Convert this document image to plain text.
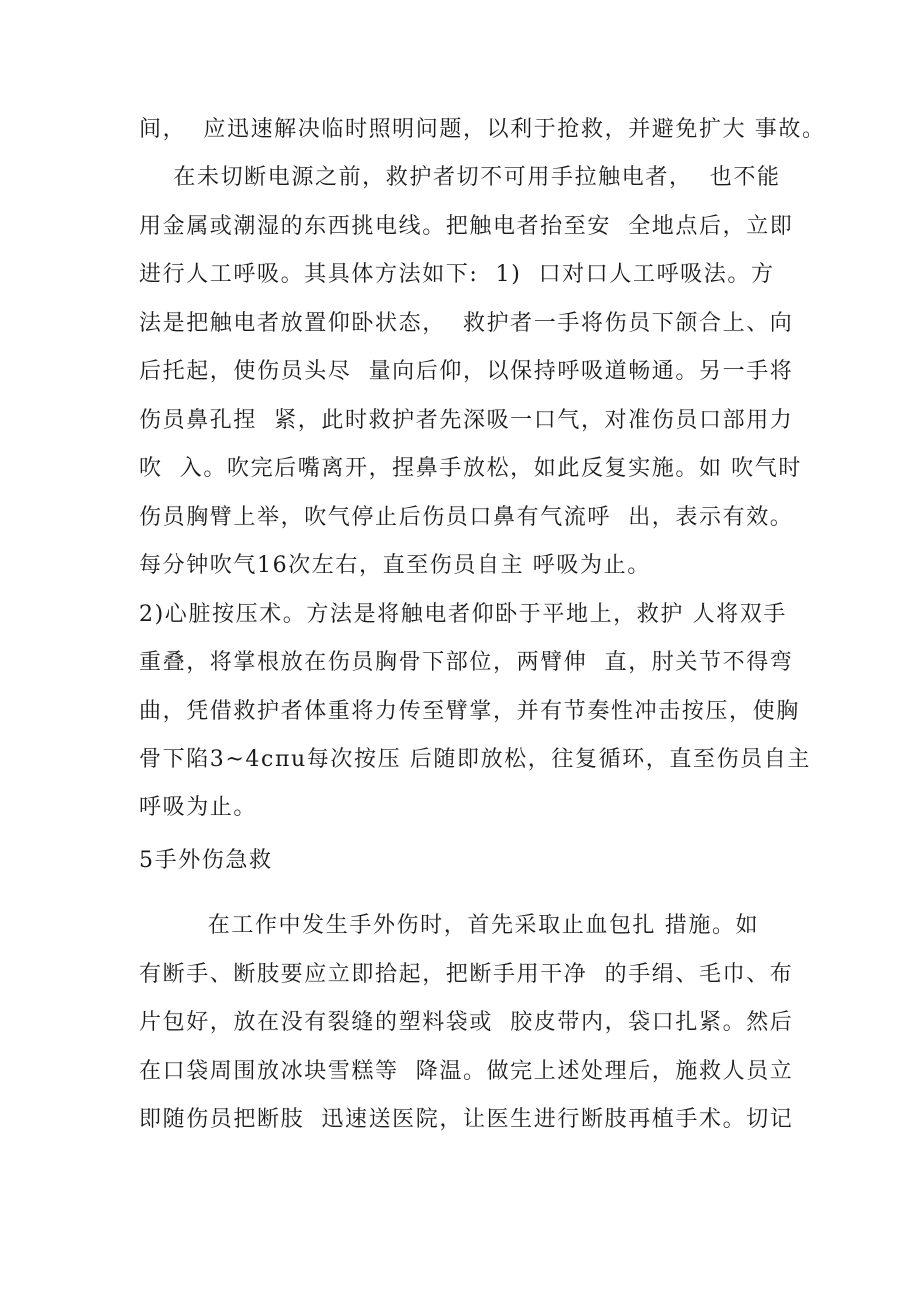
间，  应迅速解决临时照明问题，以利于抢救，并避免扩大 事故。
在未切断电源之前，救护者切不可用手拉触电者，  也不能
用金属或潮湿的东西挑电线。把触电者抬至安  全地点后，立即
进行人工呼吸。其具体方法如下:  1)  口对口人工呼吸法。方
法是把触电者放置仰卧状态，  救护者一手将伤员下颌合上、向
后托起，使伤员头尽  量向后仰，以保持呼吸道畅通。另一手将
伤员鼻孔捏  紧，此时救护者先深吸一口气，对准伤员口部用力
吹  入。吹完后嘴离开，捏鼻手放松，如此反复实施。如 吹气时
伤员胸臂上举，吹气停止后伤员口鼻有气流呼  出，表示有效。
每分钟吹气16次左右，直至伤员自主 呼吸为止。
2)心脏按压术。方法是将触电者仰卧于平地上，救护 人将双手
重叠，将掌根放在伤员胸骨下部位，两臂伸  直，肘关节不得弯
曲，凭借救护者体重将力传至臂掌，并有节奏性冲击按压，使胸
骨下陷3~4cπu每次按压 后随即放松，往复循环，直至伤员自主
呼吸为止。
5手外伤急救
在工作中发生手外伤时，首先采取止血包扎 措施。如
有断手、断肢要应立即拾起，把断手用干净  的手绢、毛巾、布
片包好，放在没有裂缝的塑料袋或  胶皮带内，袋口扎紧。然后
在口袋周围放冰块雪糕等  降温。做完上述处理后，施救人员立
即随伤员把断肢  迅速送医院，让医生进行断肢再植手术。切记
